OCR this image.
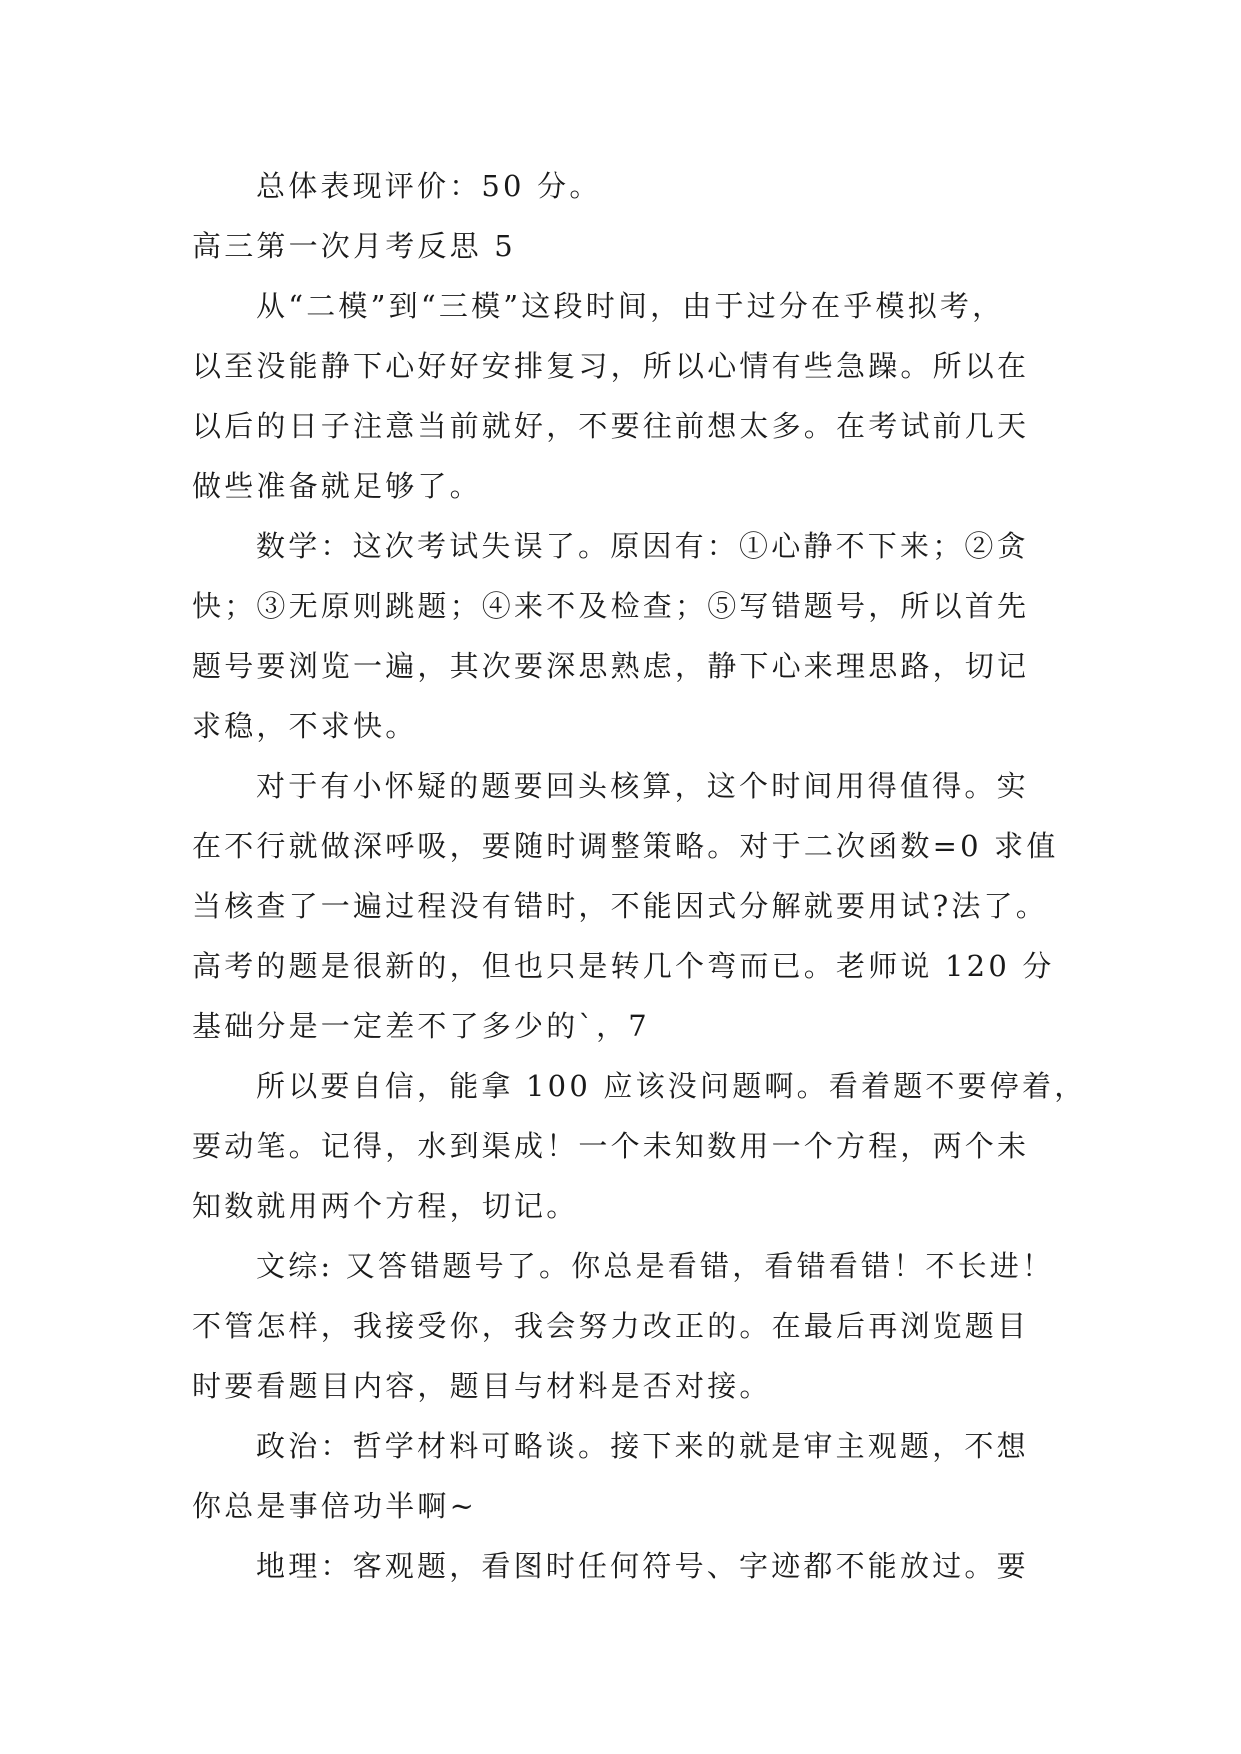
总体表现评价：50 分。
高三第一次月考反思 5
从“二模”到“三模”这段时间，由于过分在乎模拟考，
以至没能静下心好好安排复习，所以心情有些急躁。所以在
以后的日子注意当前就好，不要往前想太多。在考试前几天
做些准备就足够了。
数学：这次考试失误了。原因有：①心静不下来；②贪
快；③无原则跳题；④来不及检查；⑤写错题号，所以首先
题号要浏览一遍，其次要深思熟虑，静下心来理思路，切记
求稳，不求快。
对于有小怀疑的题要回头核算，这个时间用得值得。实
在不行就做深呼吸，要随时调整策略。对于二次函数=0 求值
当核查了一遍过程没有错时，不能因式分解就要用试?法了。
高考的题是很新的，但也只是转几个弯而已。老师说 120 分
基础分是一定差不了多少的`，7
所以要自信，能拿 100 应该没问题啊。看着题不要停着，
要动笔。记得，水到渠成！一个未知数用一个方程，两个未
知数就用两个方程，切记。
文综: 又答错题号了。你总是看错，看错看错！不长进！
不管怎样，我接受你，我会努力改正的。在最后再浏览题目
时要看题目内容，题目与材料是否对接。
政治：哲学材料可略谈。接下来的就是审主观题，不想
你总是事倍功半啊~
地理：客观题，看图时任何符号、字迹都不能放过。要
